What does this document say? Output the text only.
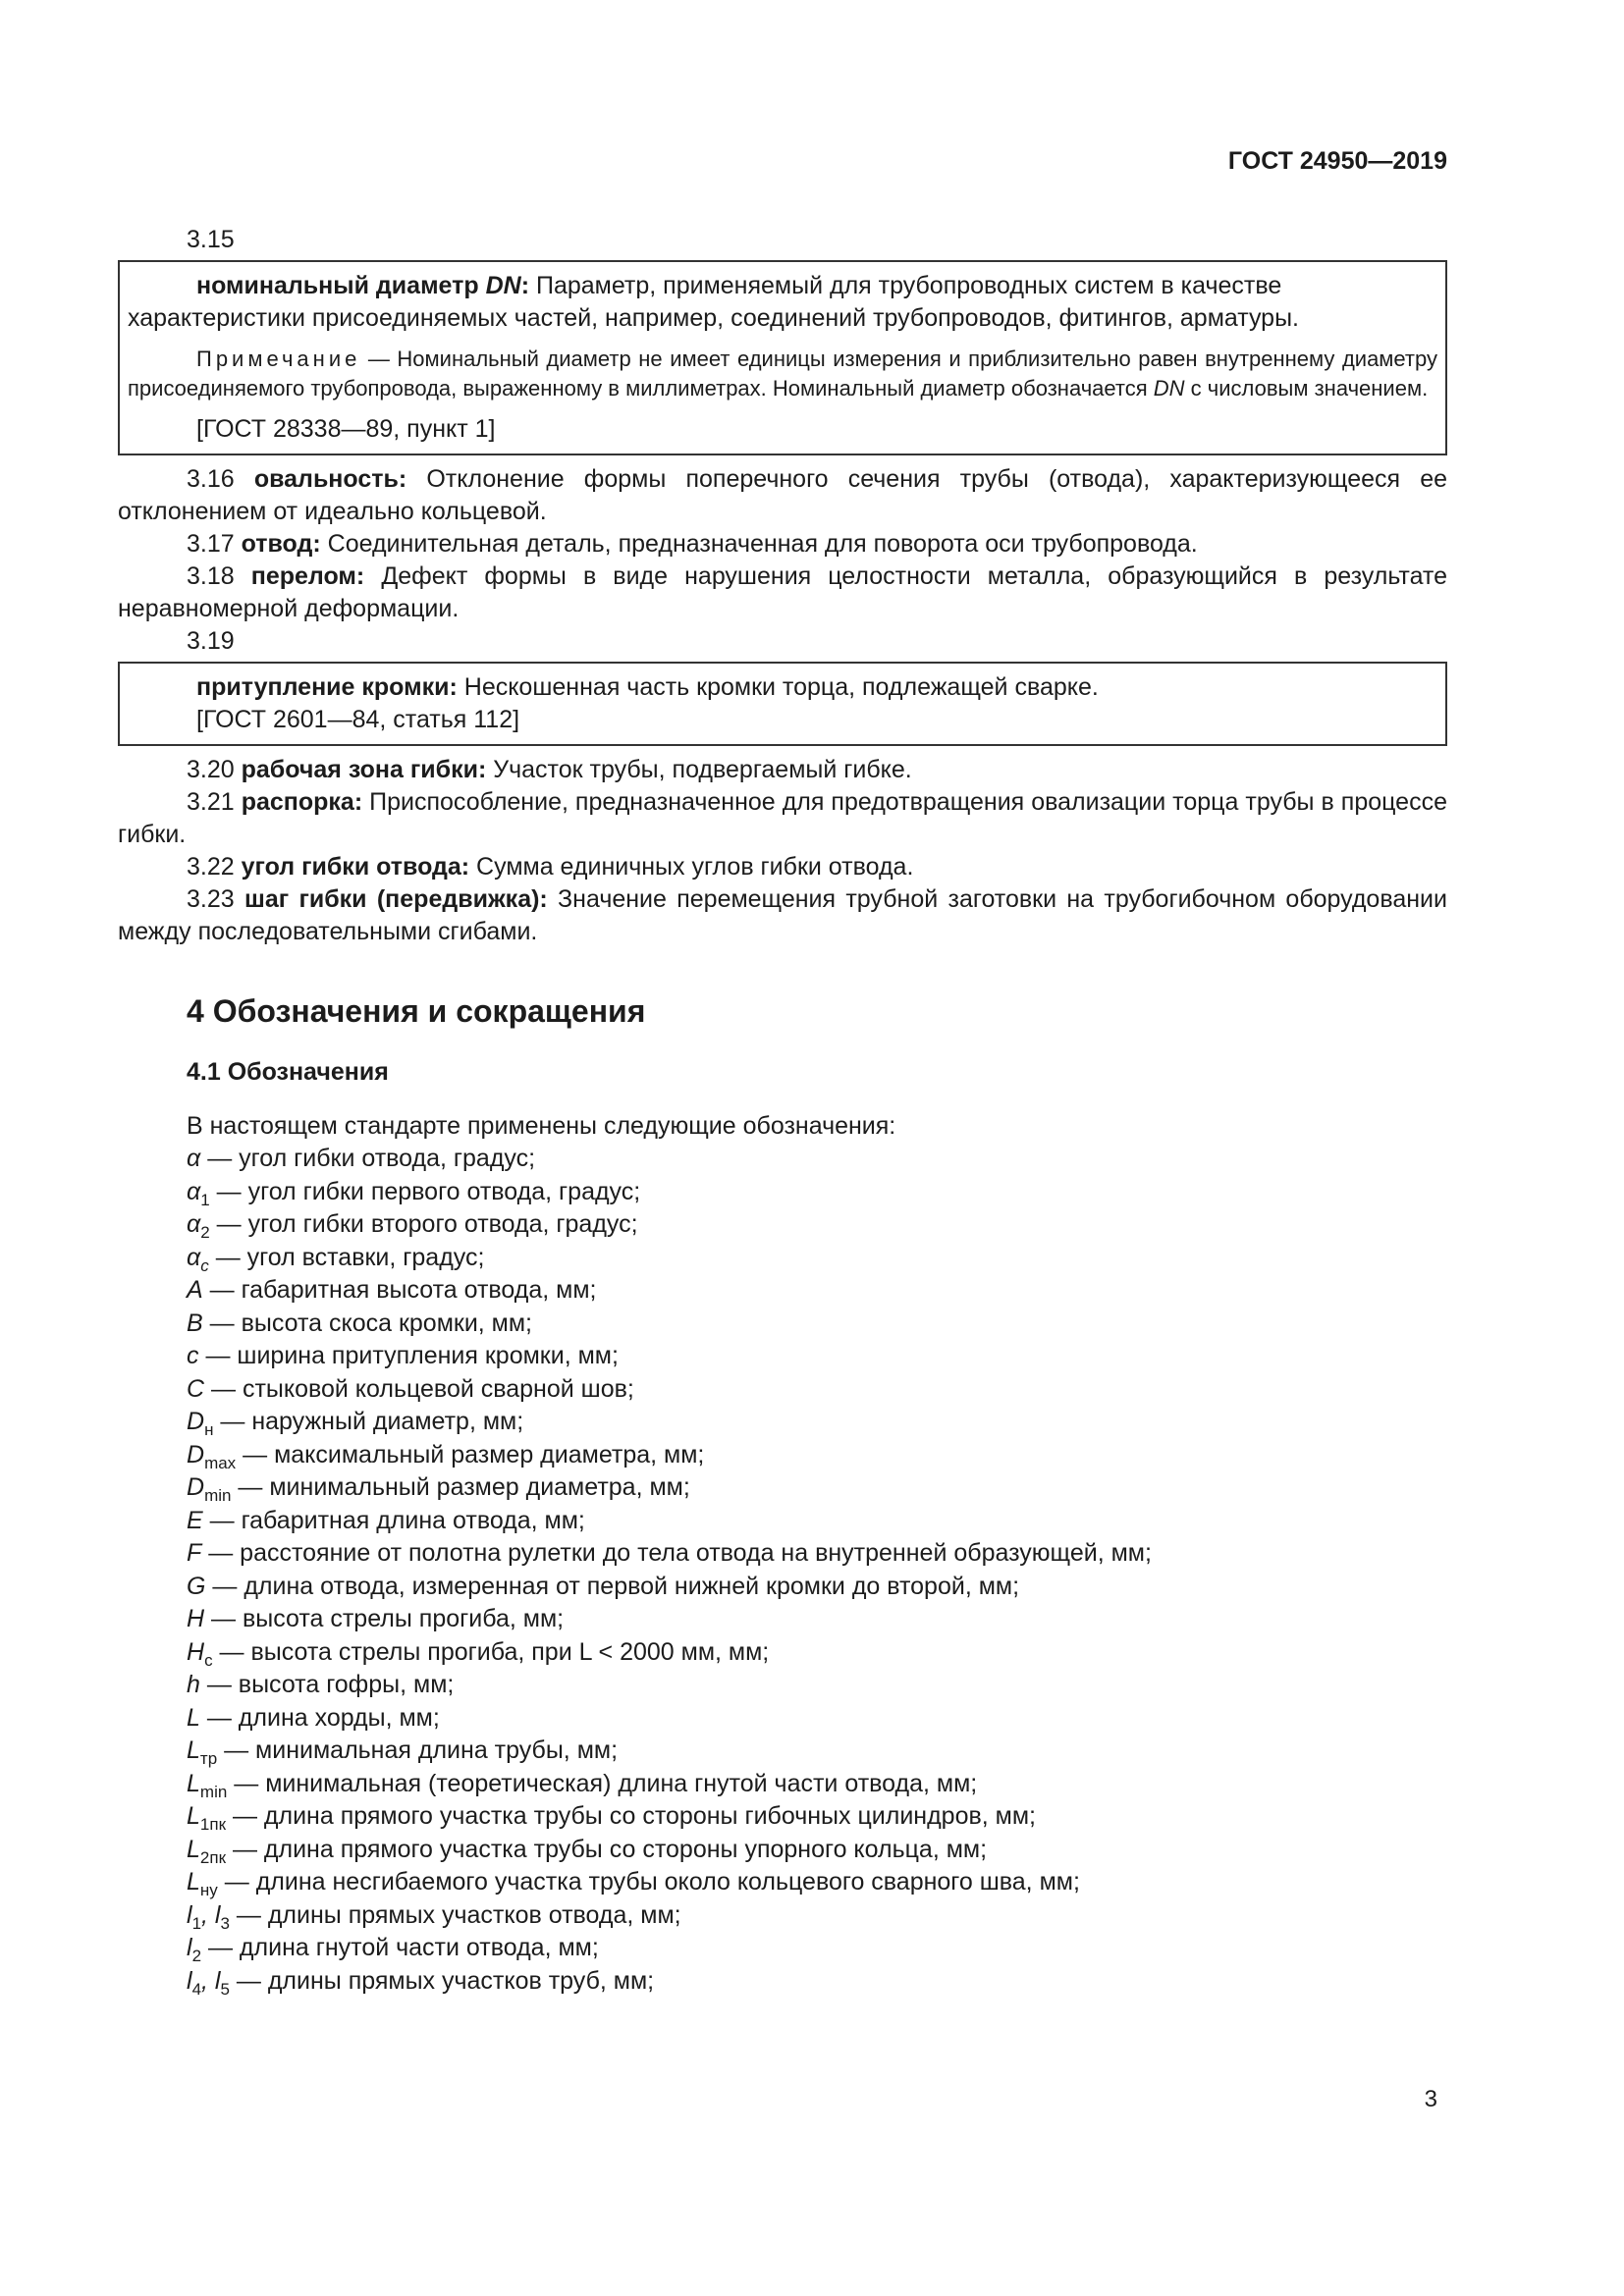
ГОСТ 24950—2019
3.15
номинальный диаметр DN: Параметр, применяемый для трубопроводных систем в качестве характеристики присоединяемых частей, например, соединений трубопроводов, фитингов, арматуры.
Примечание — Номинальный диаметр не имеет единицы измерения и приблизительно равен внутреннему диаметру присоединяемого трубопровода, выраженному в миллиметрах. Номинальный диаметр обозначается DN с числовым значением.
[ГОСТ 28338—89, пункт 1]
3.16 овальность: Отклонение формы поперечного сечения трубы (отвода), характеризующееся ее отклонением от идеально кольцевой.
3.17 отвод: Соединительная деталь, предназначенная для поворота оси трубопровода.
3.18 перелом: Дефект формы в виде нарушения целостности металла, образующийся в результате неравномерной деформации.
3.19
притупление кромки: Нескошенная часть кромки торца, подлежащей сварке.
[ГОСТ 2601—84, статья 112]
3.20 рабочая зона гибки: Участок трубы, подвергаемый гибке.
3.21 распорка: Приспособление, предназначенное для предотвращения овализации торца трубы в процессе гибки.
3.22 угол гибки отвода: Сумма единичных углов гибки отвода.
3.23 шаг гибки (передвижка): Значение перемещения трубной заготовки на трубогибочном оборудовании между последовательными сгибами.
4 Обозначения и сокращения
4.1 Обозначения
В настоящем стандарте применены следующие обозначения:
α — угол гибки отвода, градус;
$\alpha_1$ — угол гибки первого отвода, градус;
$\alpha_2$ — угол гибки второго отвода, градус;
$\alpha_c$ — угол вставки, градус;
A — габаритная высота отвода, мм;
B — высота скоса кромки, мм;
c — ширина притупления кромки, мм;
C — стыковой кольцевой сварной шов;
$D_н$ — наружный диаметр, мм;
$D_{max}$ — максимальный размер диаметра, мм;
$D_{min}$ — минимальный размер диаметра, мм;
E — габаритная длина отвода, мм;
F — расстояние от полотна рулетки до тела отвода на внутренней образующей, мм;
G — длина отвода, измеренная от первой нижней кромки до второй, мм;
H — высота стрелы прогиба, мм;
$H_c$ — высота стрелы прогиба, при L < 2000 мм, мм;
h — высота гофры, мм;
L — длина хорды, мм;
$L_{тр}$ — минимальная длина трубы, мм;
$L_{min}$ — минимальная (теоретическая) длина гнутой части отвода, мм;
$L_{1пк}$ — длина прямого участка трубы со стороны гибочных цилиндров, мм;
$L_{2пк}$ — длина прямого участка трубы со стороны упорного кольца, мм;
$L_{ну}$ — длина несгибаемого участка трубы около кольцевого сварного шва, мм;
$l_1$, $l_3$ — длины прямых участков отвода, мм;
$l_2$ — длина гнутой части отвода, мм;
$l_4$, $l_5$ — длины прямых участков труб, мм;
3
